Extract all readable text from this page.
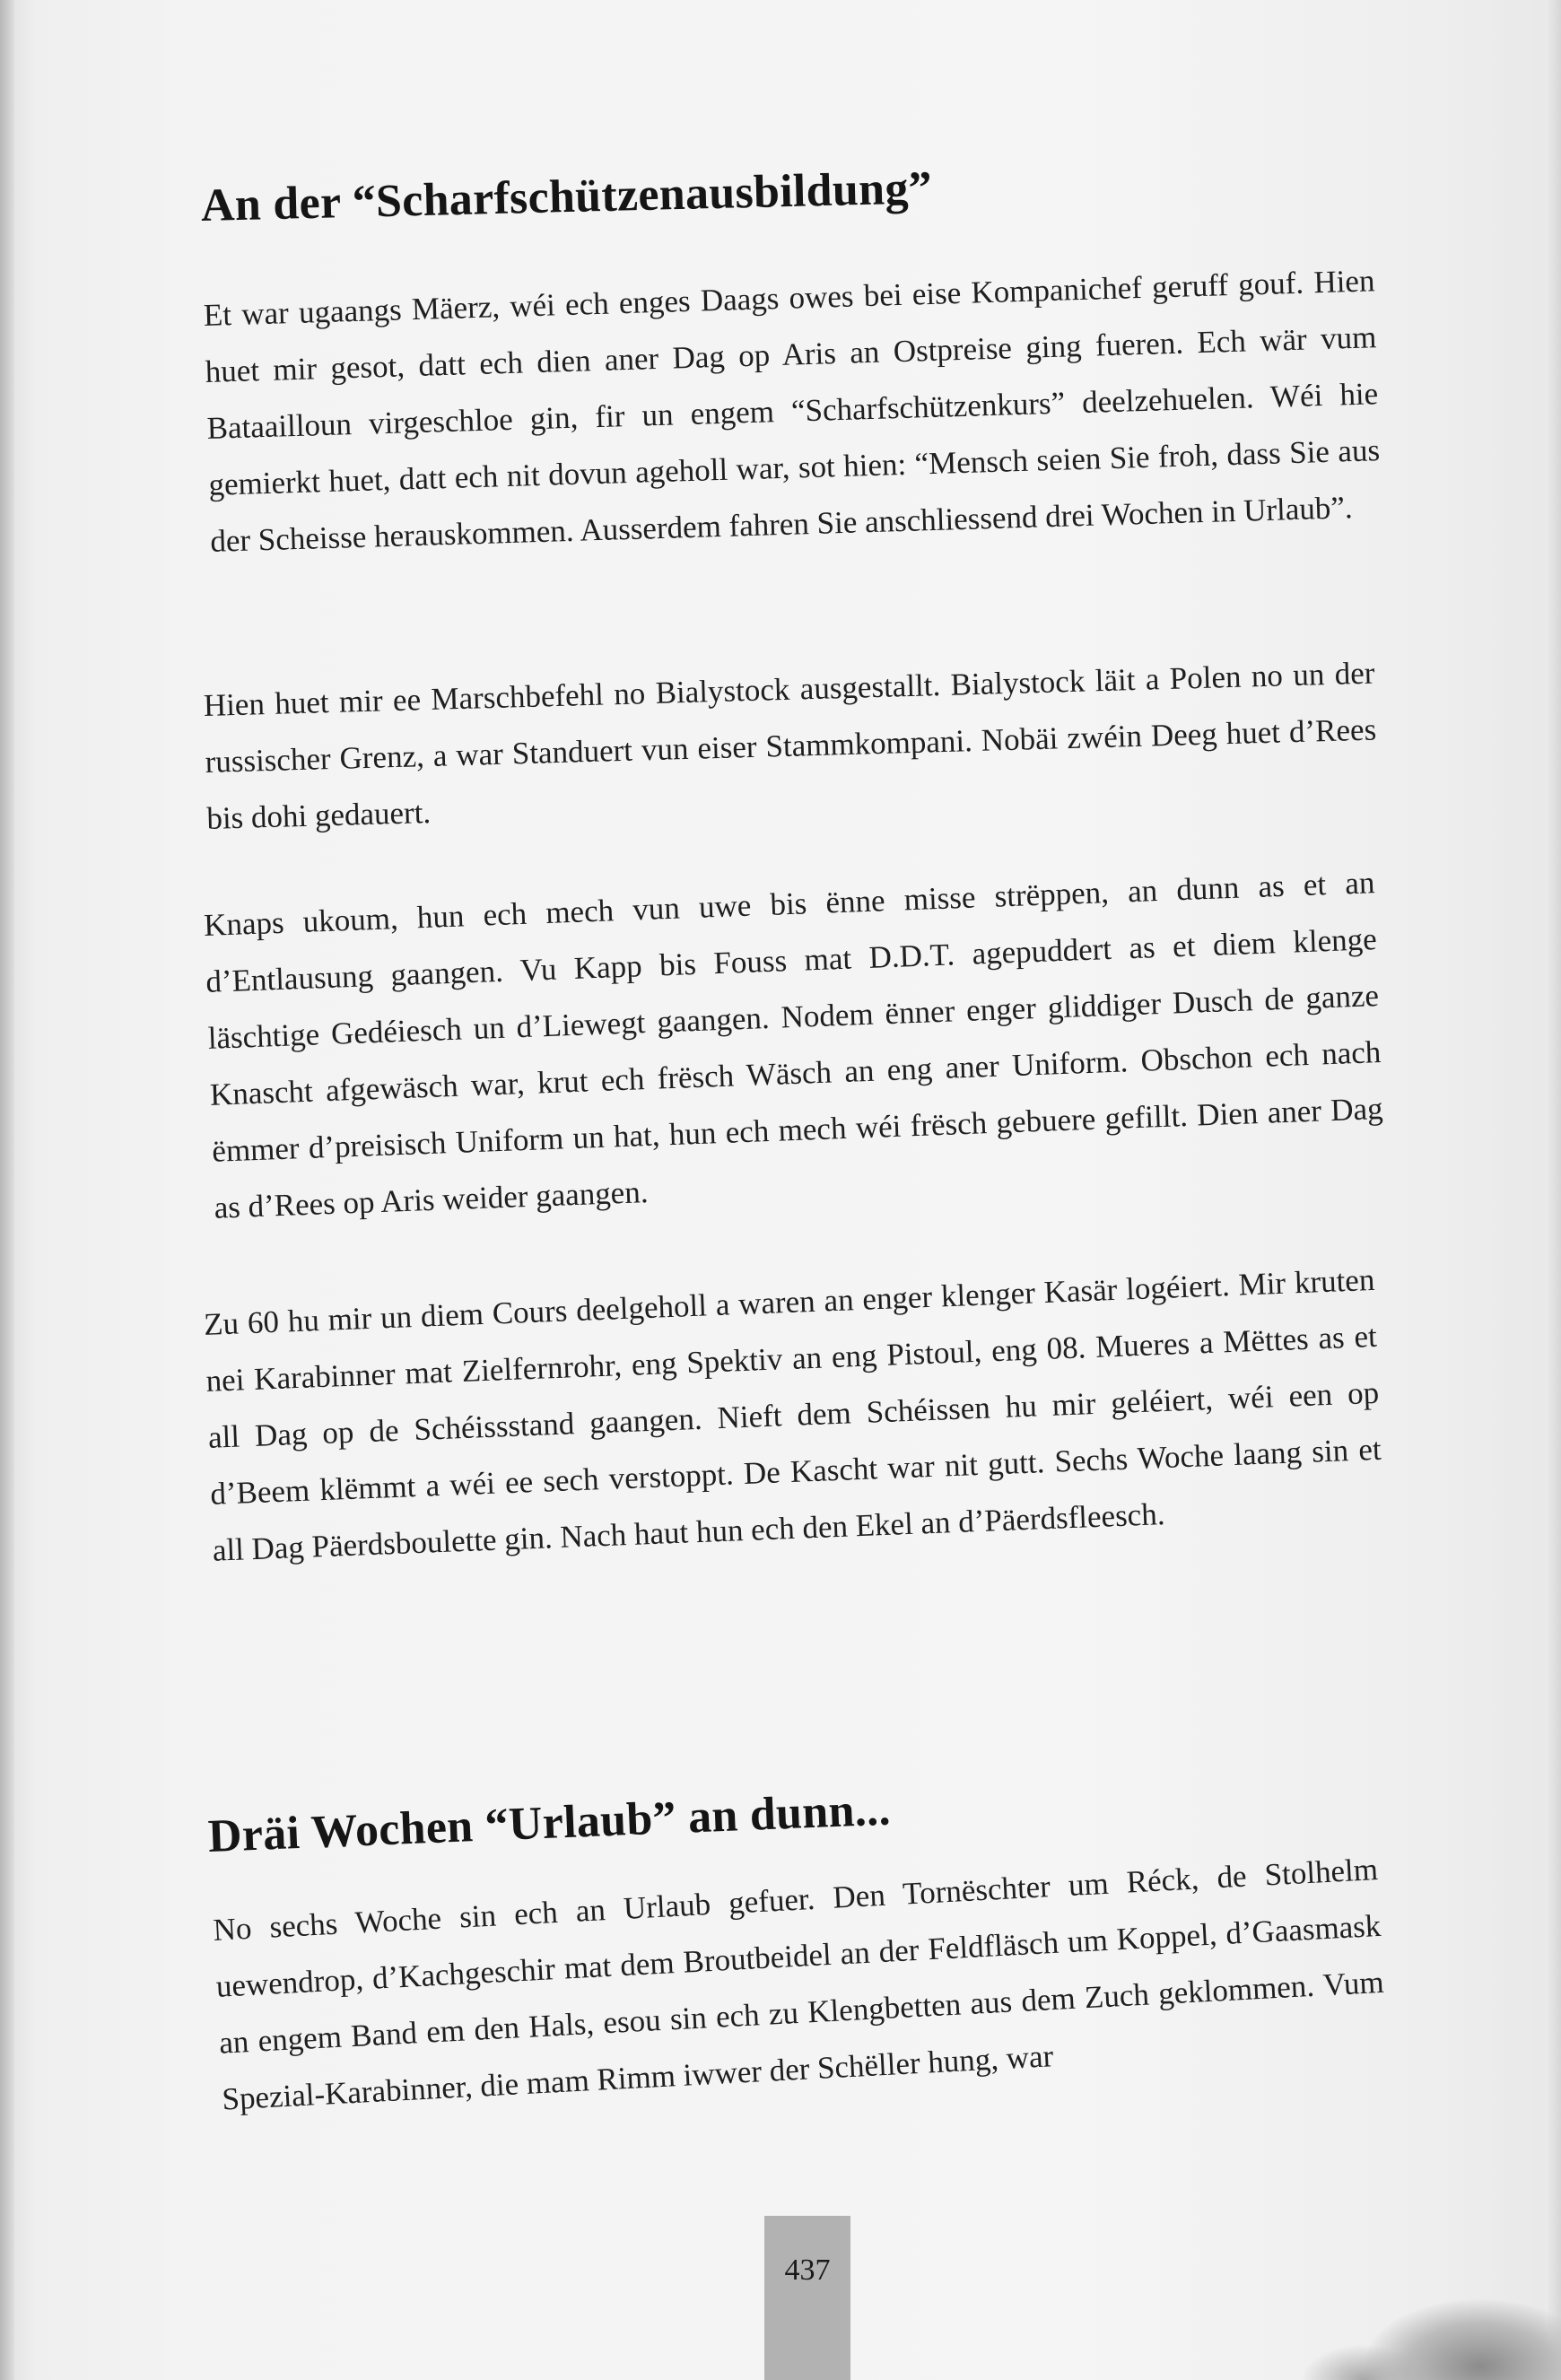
An der “Scharfschützenausbildung”

Et war ugaangs Mäerz, wéi ech enges Daags owes bei eise Kompanichef geruff gouf. Hien huet mir gesot, datt ech dien aner Dag op Aris an Ostpreise ging fueren. Ech wär vum Bataailloun virgeschloe gin, fir un engem “Scharfschützenkurs” deelzehuelen. Wéi hie gemierkt huet, datt ech nit dovun ageholl war, sot hien: “Mensch seien Sie froh, dass Sie aus der Scheisse herauskommen. Ausserdem fahren Sie anschliessend drei Wochen in Urlaub”.

Hien huet mir ee Marschbefehl no Bialystock ausgestallt. Bialystock läit a Polen no un der russischer Grenz, a war Standuert vun eiser Stammkompani. Nobäi zwéin Deeg huet d’Rees bis dohi gedauert.

Knaps ukoum, hun ech mech vun uwe bis ënne misse strëppen, an dunn as et an d’Entlausung gaangen. Vu Kapp bis Fouss mat D.D.T. agepuddert as et diem klenge läschtige Gedéiesch un d’Liewegt gaangen. Nodem ënner enger gliddiger Dusch de ganze Knascht afgewäsch war, krut ech frësch Wäsch an eng aner Uniform. Obschon ech nach ëmmer d’preisisch Uniform un hat, hun ech mech wéi frësch gebuere gefillt. Dien aner Dag as d’Rees op Aris weider gaangen.

Zu 60 hu mir un diem Cours deelgeholl a waren an enger klenger Kasär logéiert. Mir kruten nei Karabinner mat Zielfernrohr, eng Spektiv an eng Pistoul, eng 08. Mueres a Mëttes as et all Dag op de Schéissstand gaangen. Nieft dem Schéissen hu mir geléiert, wéi een op d’Beem klëmmt a wéi ee sech verstoppt. De Kascht war nit gutt. Sechs Woche laang sin et all Dag Päerdsboulette gin. Nach haut hun ech den Ekel an d’Päerdsfleesch.

Dräi Wochen “Urlaub” an dunn...

No sechs Woche sin ech an Urlaub gefuer. Den Tornëschter um Réck, de Stolhelm uewendrop, d’Kachgeschir mat dem Broutbeidel an der Feldfläsch um Koppel, d’Gaasmask an engem Band em den Hals, esou sin ech zu Klengbetten aus dem Zuch geklommen. Vum Spezial-Karabinner, die mam Rimm iwwer der Schëller hung, war

437
